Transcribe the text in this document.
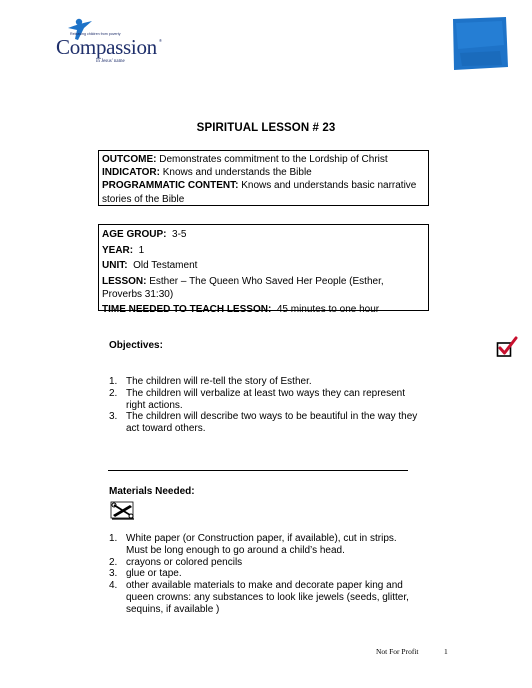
Releasing children from poverty
Compassion ®
in Jesus' name
SPIRITUAL LESSON # 23
OUTCOME: Demonstrates commitment to the Lordship of Christ
INDICATOR: Knows and understands the Bible
PROGRAMMATIC CONTENT: Knows and understands basic narrative stories of the Bible
AGE GROUP:  3-5
YEAR:  1
UNIT:  Old Testament
LESSON: Esther – The Queen Who Saved Her People (Esther, Proverbs 31:30)
TIME NEEDED TO TEACH LESSON:  45 minutes to one hour
Objectives:
1. The children will re-tell the story of Esther.
2. The children will verbalize at least two ways they can represent right actions.
3. The children will describe two ways to be beautiful in the way they act toward others.
Materials Needed:
1. White paper (or Construction paper, if available), cut in strips. Must be long enough to go around a child’s head.
2. crayons or colored pencils
3. glue or tape.
4. other available materials to make and decorate paper king and queen crowns: any substances to look like jewels (seeds, glitter, sequins, if available )
Not For Profit	1
